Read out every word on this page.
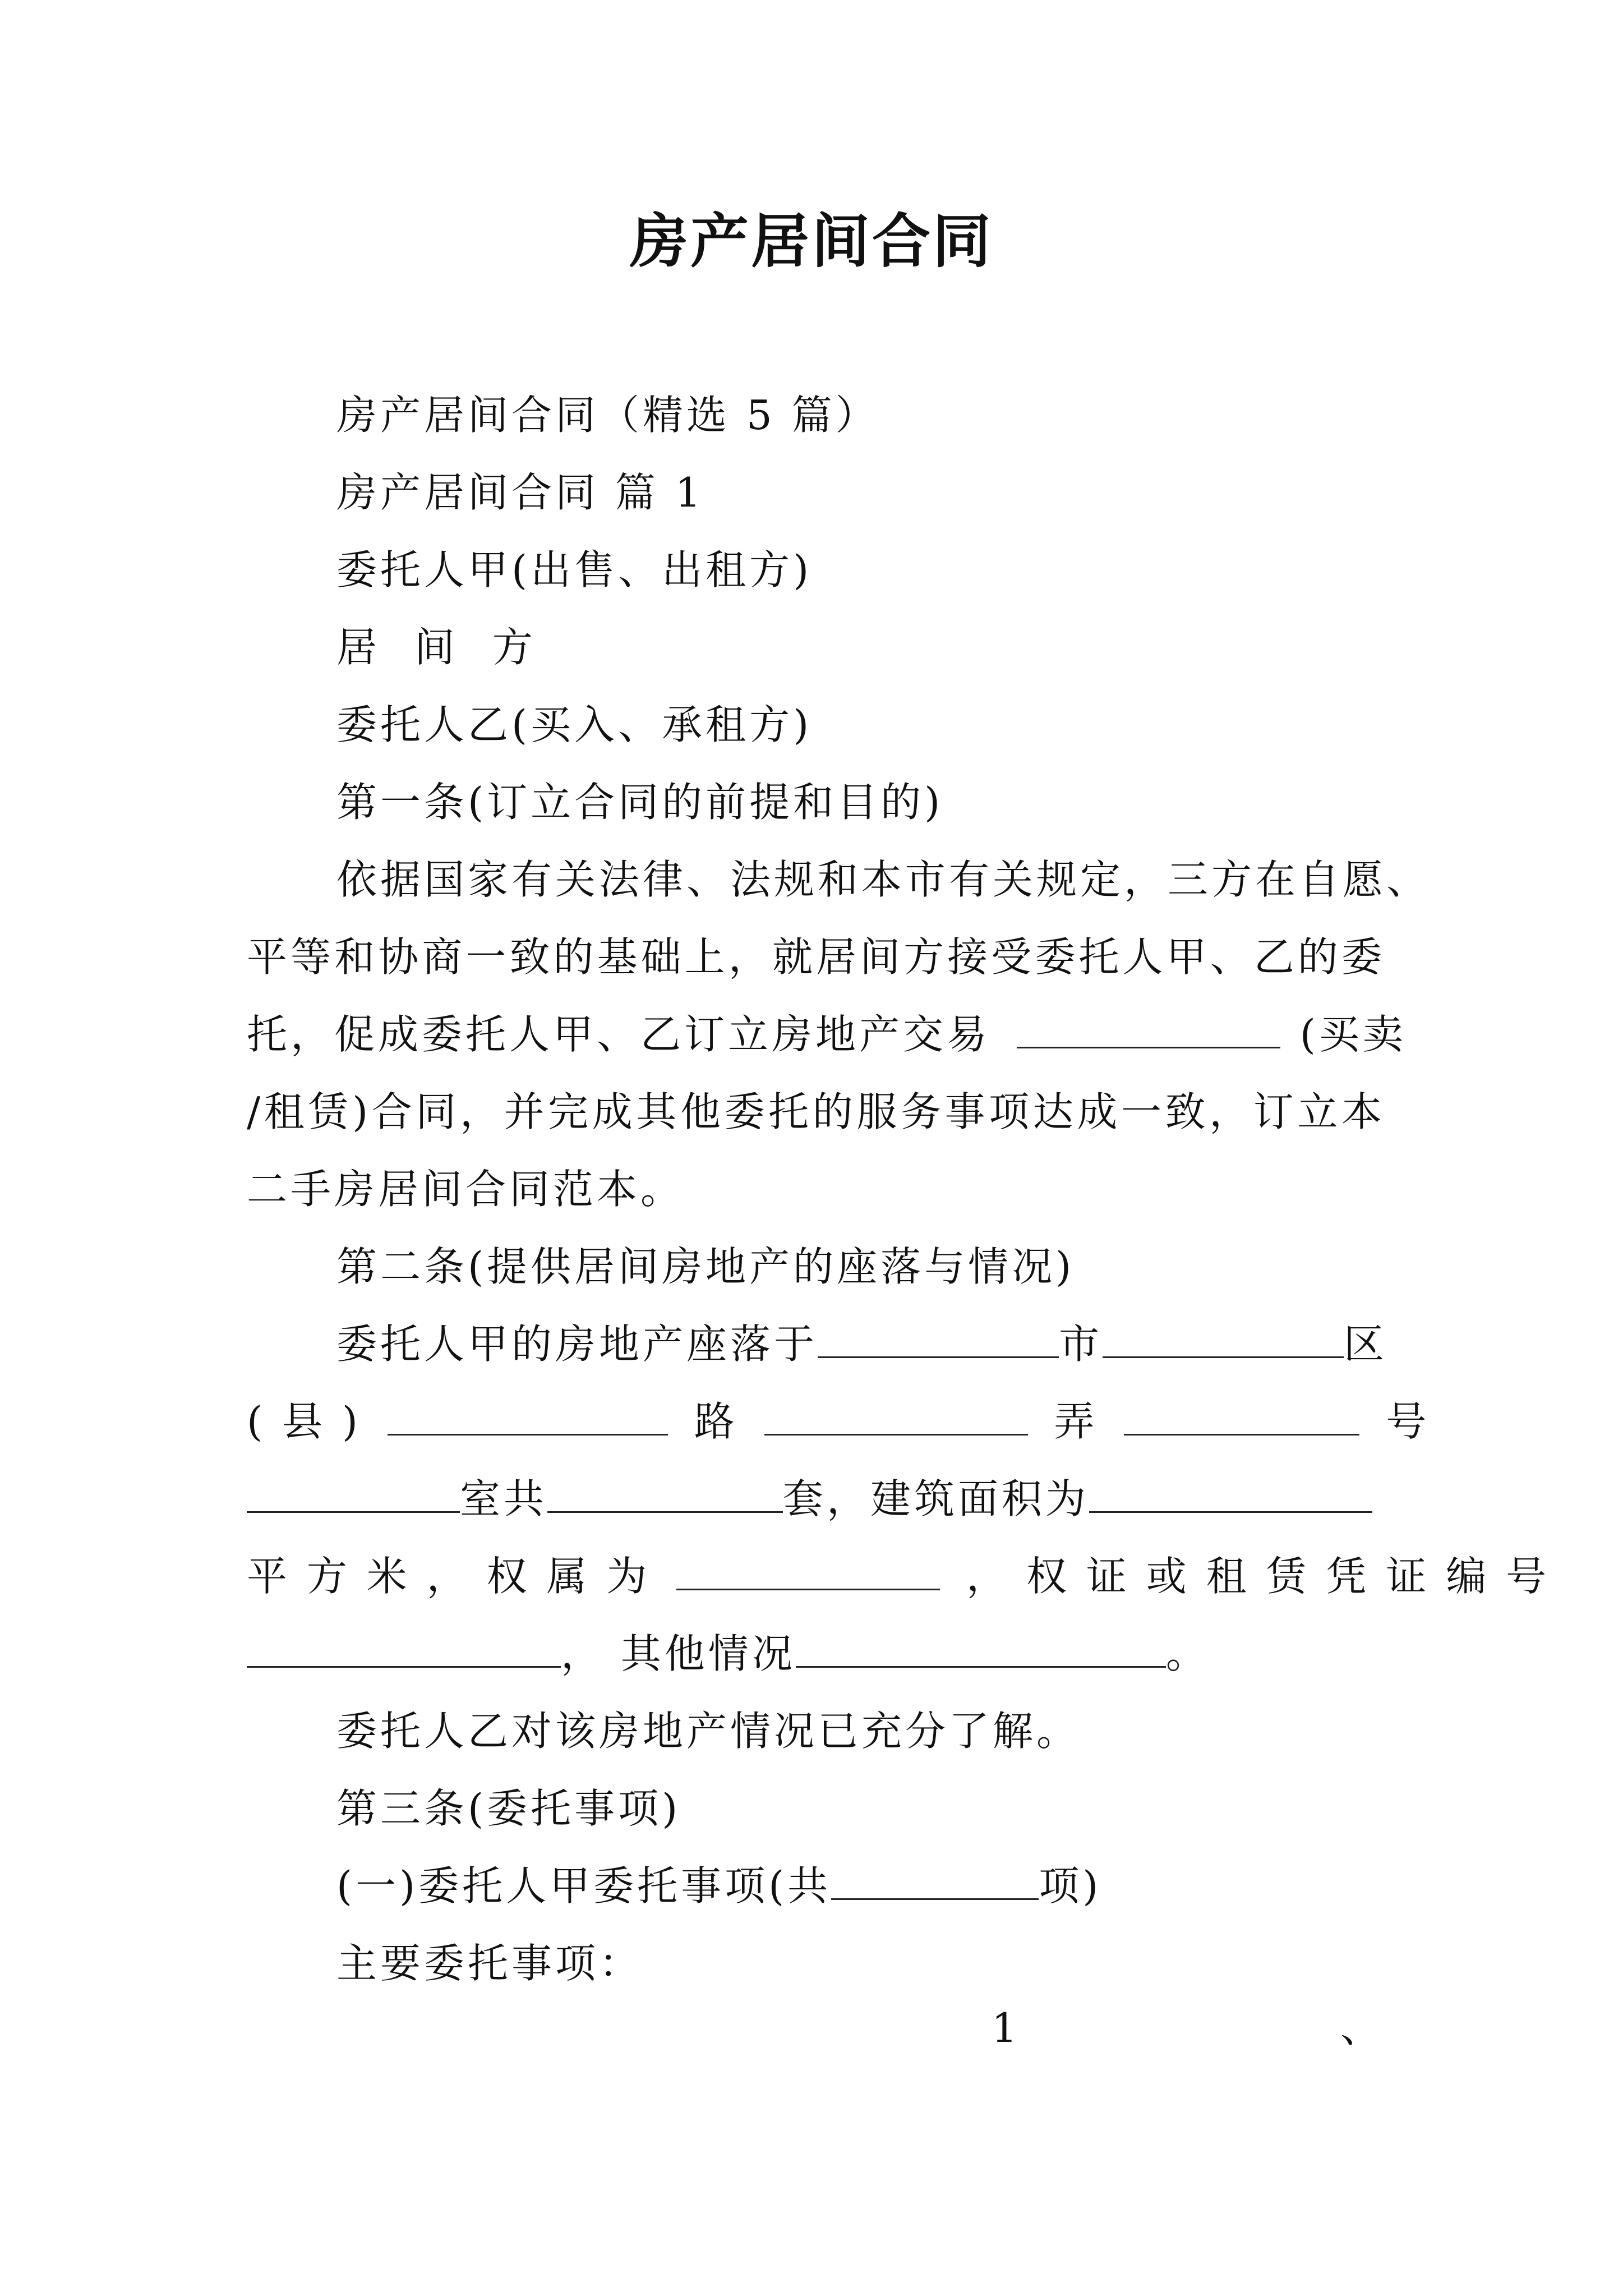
房产居间合同
房产居间合同（精选 5 篇）
房产居间合同 篇 1
委托人甲(出售、出租方)
居 间 方
委托人乙(买入、承租方)
第一条(订立合同的前提和目的)
依据国家有关法律、法规和本市有关规定，三方在自愿、
平等和协商一致的基础上，就居间方接受委托人甲、乙的委
托，促成委托人甲、乙订立房地产交易	(买卖
/租赁)合同，并完成其他委托的服务事项达成一致，订立本
二手房居间合同范本。
第二条(提供居间房地产的座落与情况)
委托人甲的房地产座落于	市	区
( 县 )	路	弄	号
室共	套，建筑面积为
平 方 米 ， 权 属 为	， 权 证 或 租 赁 凭 证 编 号
， 其他情况	。
委托人乙对该房地产情况已充分了解。
第三条(委托事项)
(一)委托人甲委托事项(共	项)
主要委托事项：
1	、
